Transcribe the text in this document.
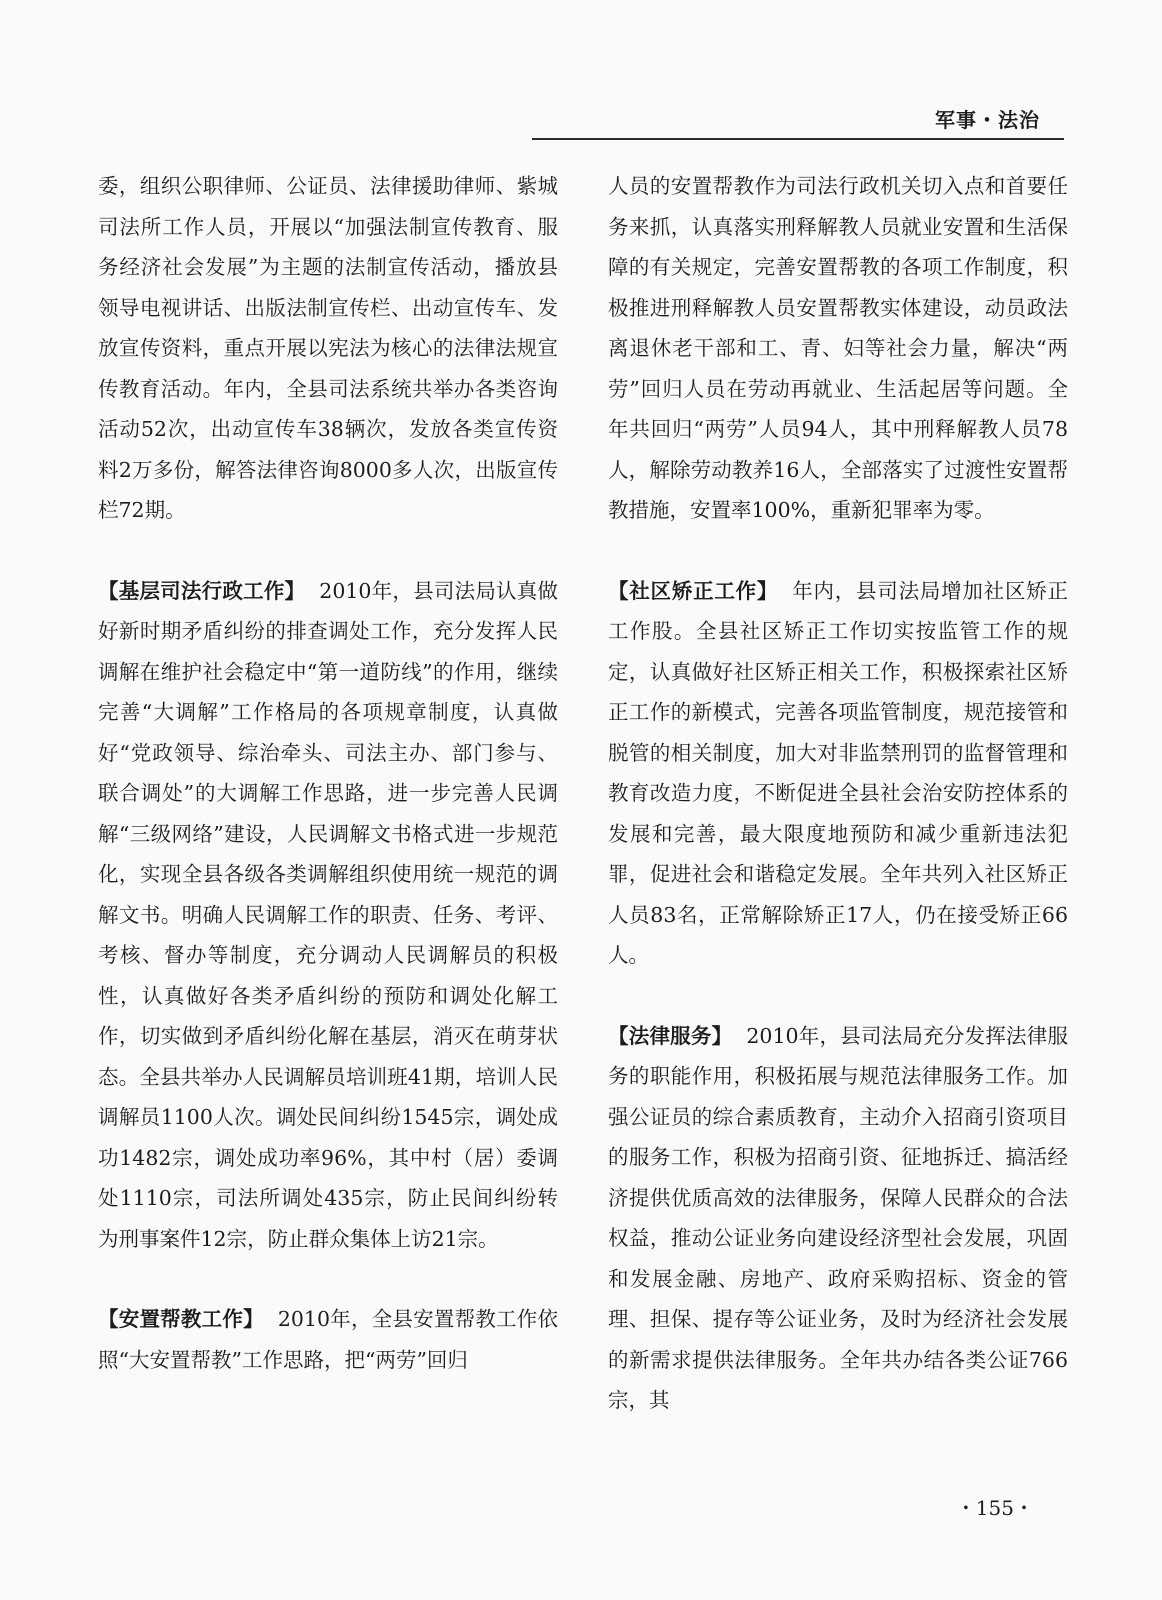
军事・法治

委，组织公职律师、公证员、法律援助律师、紫城司法所工作人员，开展以“加强法制宣传教育、服务经济社会发展”为主题的法制宣传活动，播放县领导电视讲话、出版法制宣传栏、出动宣传车、发放宣传资料，重点开展以宪法为核心的法律法规宣传教育活动。年内，全县司法系统共举办各类咨询活动52次，出动宣传车38辆次，发放各类宣传资料2万多份，解答法律咨询8000多人次，出版宣传栏72期。

【基层司法行政工作】 2010年，县司法局认真做好新时期矛盾纠纷的排查调处工作，充分发挥人民调解在维护社会稳定中“第一道防线”的作用，继续完善“大调解”工作格局的各项规章制度，认真做好“党政领导、综治牵头、司法主办、部门参与、联合调处”的大调解工作思路，进一步完善人民调解“三级网络”建设，人民调解文书格式进一步规范化，实现全县各级各类调解组织使用统一规范的调解文书。明确人民调解工作的职责、任务、考评、考核、督办等制度，充分调动人民调解员的积极性，认真做好各类矛盾纠纷的预防和调处化解工作，切实做到矛盾纠纷化解在基层，消灭在萌芽状态。全县共举办人民调解员培训班41期，培训人民调解员1100人次。调处民间纠纷1545宗，调处成功1482宗，调处成功率96%，其中村（居）委调处1110宗，司法所调处435宗，防止民间纠纷转为刑事案件12宗，防止群众集体上访21宗。

【安置帮教工作】 2010年，全县安置帮教工作依照“大安置帮教”工作思路，把“两劳”回归

人员的安置帮教作为司法行政机关切入点和首要任务来抓，认真落实刑释解教人员就业安置和生活保障的有关规定，完善安置帮教的各项工作制度，积极推进刑释解教人员安置帮教实体建设，动员政法离退休老干部和工、青、妇等社会力量，解决“两劳”回归人员在劳动再就业、生活起居等问题。全年共回归“两劳”人员94人，其中刑释解教人员78人，解除劳动教养16人，全部落实了过渡性安置帮教措施，安置率100%，重新犯罪率为零。

【社区矫正工作】 年内，县司法局增加社区矫正工作股。全县社区矫正工作切实按监管工作的规定，认真做好社区矫正相关工作，积极探索社区矫正工作的新模式，完善各项监管制度，规范接管和脱管的相关制度，加大对非监禁刑罚的监督管理和教育改造力度，不断促进全县社会治安防控体系的发展和完善，最大限度地预防和减少重新违法犯罪，促进社会和谐稳定发展。全年共列入社区矫正人员83名，正常解除矫正17人，仍在接受矫正66人。

【法律服务】 2010年，县司法局充分发挥法律服务的职能作用，积极拓展与规范法律服务工作。加强公证员的综合素质教育，主动介入招商引资项目的服务工作，积极为招商引资、征地拆迁、搞活经济提供优质高效的法律服务，保障人民群众的合法权益，推动公证业务向建设经济型社会发展，巩固和发展金融、房地产、政府采购招标、资金的管理、担保、提存等公证业务，及时为经济社会发展的新需求提供法律服务。全年共办结各类公证766宗，其

・155・
